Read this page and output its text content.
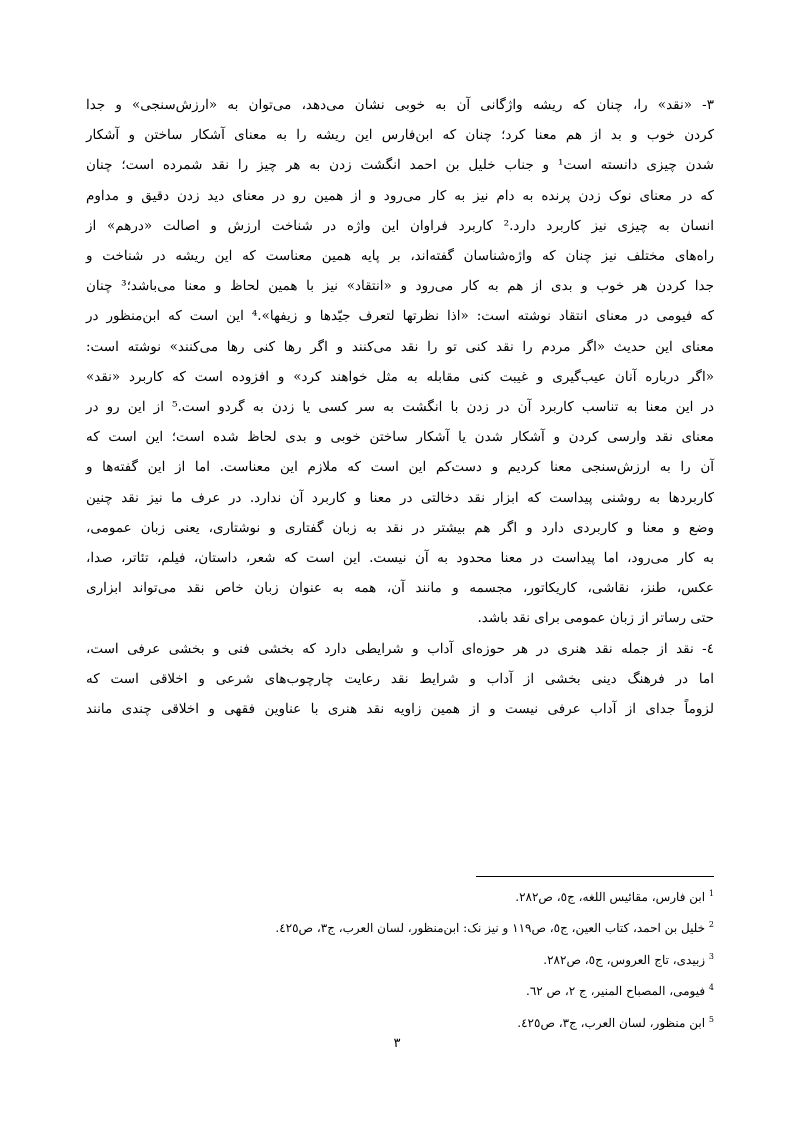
٣- «نقد» را، چنان که ریشه واژگانی آن به خوبی نشان می‌دهد، می‌توان به «ارزش‌سنجی» و جدا
کردن خوب و بد از هم معنا کرد؛ چنان که ابن‌فارس این ریشه را به معنای آشکار ساختن و آشکار
شدن چیزی دانسته است¹ و جناب خلیل بن احمد انگشت زدن به هر چیز را نقد شمرده است؛ چنان
که در معنای نوک زدن پرنده به دام نیز به کار می‌رود و از همین رو در معنای دید زدن دقیق و مداوم
انسان به چیزی نیز کاربرد دارد.² کاربرد فراوان این واژه در شناخت ارزش و اصالت «درهم» از
راه‌های مختلف نیز چنان که واژه‌شناسان گفته‌اند، بر پایه همین معناست که این ریشه در شناخت و
جدا کردن هر خوب و بدی از هم به کار می‌رود و «انتقاد» نیز با همین لحاظ و معنا می‌باشد؛³ چنان
که فیومی در معنای انتقاد نوشته است: «اذا نظرتها لتعرف جیّدها و زیفها».⁴ این است که ابن‌منظور در
معنای این حدیث «اگر مردم را نقد کنی تو را نقد می‌کنند و اگر رها کنی رها می‌کنند» نوشته است:
«اگر درباره آنان عیب‌گیری و غیبت کنی مقابله به مثل خواهند کرد» و افزوده است که کاربرد «نقد»
در این معنا به تناسب کاربرد آن در زدن با انگشت به سر کسی یا زدن به گردو است.⁵ از این رو در
معنای نقد وارسی کردن و آشکار شدن یا آشکار ساختن خوبی و بدی لحاظ شده است؛ این است که
آن را به ارزش‌سنجی معنا کردیم و دست‌کم این است که ملازم این معناست. اما از این گفته‌ها و
کاربردها به روشنی پیداست که ابزار نقد دخالتی در معنا و کاربرد آن ندارد. در عرف ما نیز نقد چنین
وضع و معنا و کاربردی دارد و اگر هم بیشتر در نقد به زبان گفتاری و نوشتاری، یعنی زبان عمومی،
به کار می‌رود، اما پیداست در معنا محدود به آن نیست. این است که شعر، داستان، فیلم، تئاتر، صدا،
عکس، طنز، نقاشی، کاریکاتور، مجسمه و مانند آن، همه به عنوان زبان خاص نقد می‌تواند ابزاری
حتی رساتر از زبان عمومی برای نقد باشد.
٤- نقد از جمله نقد هنری در هر حوزه‌ای آداب و شرایطی دارد که بخشی فنی و بخشی عرفی است،
اما در فرهنگ دینی بخشی از آداب و شرایط نقد رعایت چارچوب‌های شرعی و اخلاقی است که
لزوماً جدای از آداب عرفی نیست و از همین زاویه نقد هنری با عناوین فقهی و اخلاقی چندی مانند
$^1$ ابن فارس، مقائیس اللغه، ج٥، ص٢٨٢.
$^2$ خلیل بن احمد، کتاب العین، ج٥، ص١١٩ و نیز نک: ابن‌منظور، لسان العرب، ج٣، ص٤٢٥.
$^3$ زبیدی، تاج العروس، ج٥، ص٢٨٢.
$^4$ فیومی، المصباح المنیر، ج ٢، ص ٦٢.
$^5$ ابن منظور، لسان العرب، ج٣، ص٤٢٥.
٣
